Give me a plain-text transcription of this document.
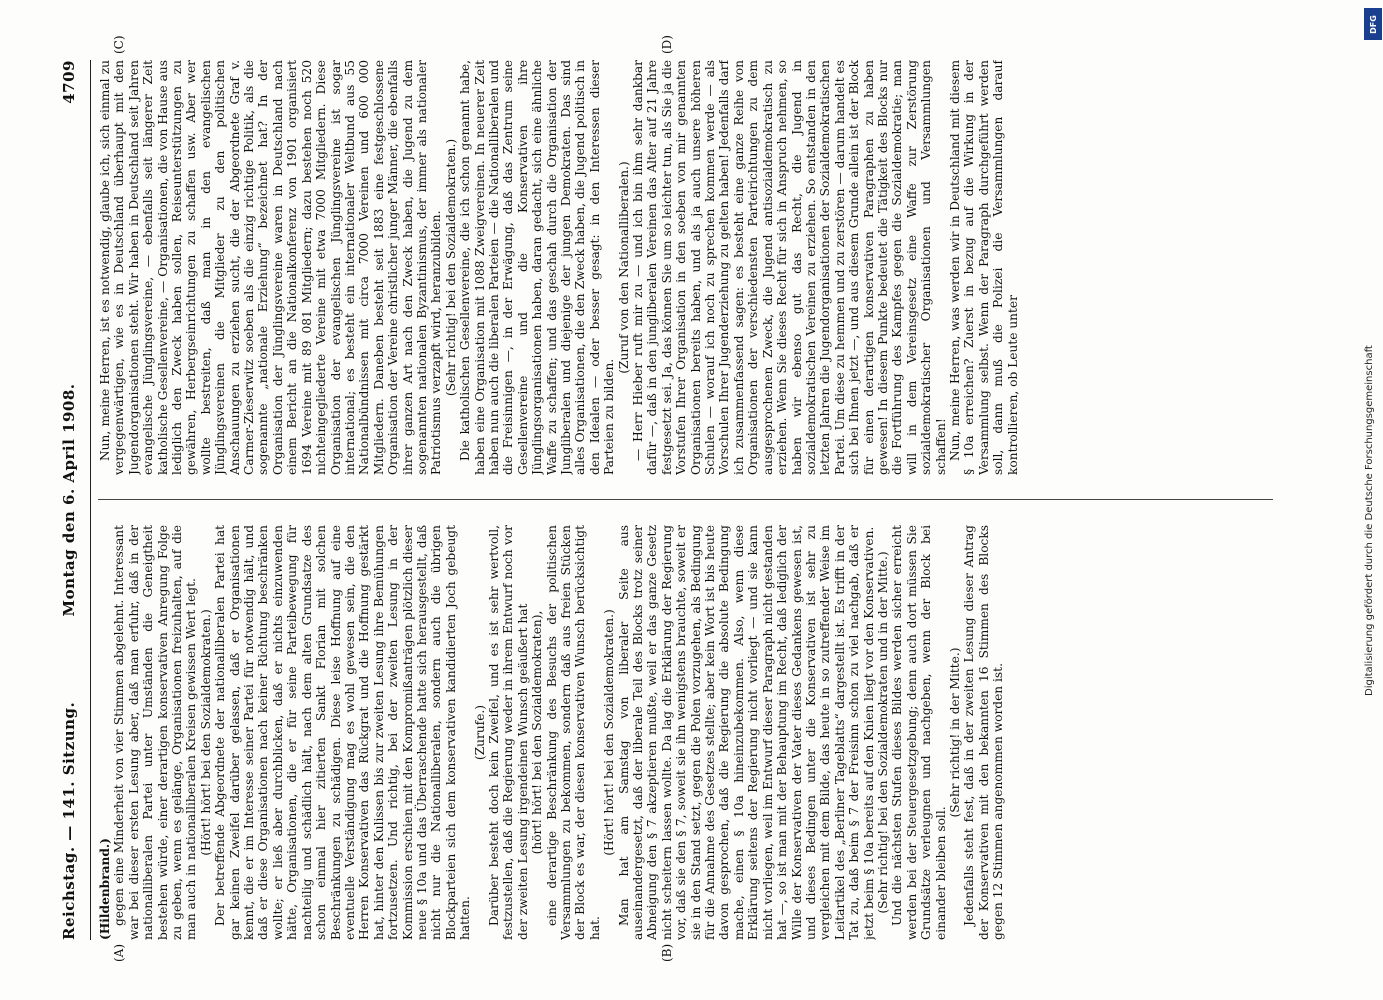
Reichstag. — 141. Sitzung.
Montag den 6. April 1908.
4709
(A)	(B)
(C)	(D)

(Hildenbrand.) gegen eine Minderheit von vier Stimmen abgelehnt. Interessant war bei dieser ersten Lesung aber, daß man erfuhr, daß in der nationalliberalen Partei unter Umständen die Geneigtheit bestehen würde, einer derartigen konservativen Anregung Folge zu geben, wenn es gelänge, Organisationen freizuhalten, auf die man auch in nationalliberalen Kreisen gewissen Wert legt. (Hört! hört! bei den Sozialdemokraten.) Der betreffende Abgeordnete der nationalliberalen Partei hat gar keinen Zweifel darüber gelassen, daß er Organisationen kennt, die er im Interesse seiner Partei für notwendig hält, und daß er diese Organisationen nach keiner Richtung beschränken wollte; er ließ aber durchblicken, daß er nichts einzuwenden hätte, Organisationen, die er für seine Parteibewegung für nachteilig und schädlich hält, nach dem alten Grundsatze des schon einmal hier zitierten Sankt Florian mit solchen Beschränkungen zu schädigen. Diese leise Hoffnung auf eine eventuelle Verständigung mag es wohl gewesen sein, die den Herren Konservativen das Rückgrat und die Hoffnung gestärkt hat, hinter den Kulissen bis zur zweiten Lesung ihre Bemühungen fortzusetzen. Und richtig, bei der zweiten Lesung in der Kommission erschien mit den Kompromißanträgen plötzlich dieser neue § 10a und das Überraschende hatte sich herausgestellt, daß nicht nur die Nationalliberalen, sondern auch die übrigen Blockparteien sich dem konservativen kandidierten Joch gebeugt hatten.

(Zurufe.) Darüber besteht doch kein Zweifel, und es ist sehr wertvoll, festzustellen, daß die Regierung weder in ihrem Entwurf noch vor der zweiten Lesung irgendeinen Wunsch geäußert hat (hört! hört! bei den Sozialdemokraten), eine derartige Beschränkung des Besuchs der politischen Versammlungen zu bekommen, sondern daß aus freien Stücken der Block es war, der diesen konservativen Wunsch berücksichtigt hat.

(Hört! hört! bei den Sozialdemokraten.) Man hat am Samstag von liberaler Seite aus auseinandergesetzt, daß der liberale Teil des Blocks trotz seiner Abneigung den § 7 akzeptieren mußte, weil er das ganze Gesetz nicht scheitern lassen wollte. Da lag die Erklärung der Regierung vor, daß sie den § 7, soweit sie ihn wenigstens brauchte, soweit er sie in den Stand setzt, gegen die Polen vorzugehen, als Bedingung für die Annahme des Gesetzes stellte; aber kein Wort ist bis heute davon gesprochen, daß die Regierung die absolute Bedingung mache, einen § 10a hineinzubekommen. Also, wenn diese Erklärung seitens der Regierung nicht vorliegt — und sie kann nicht vorliegen, weil im Entwurf dieser Paragraph nicht gestanden hat —, so ist man mit der Behauptung im Recht, daß lediglich der Wille der Konservativen der Vater dieses Gedankens gewesen ist, und dieses Bedingen unter die Konservativen ist sehr zu vergleichen mit dem Bilde, das heute in so zutreffender Weise im Leitartikel des „Berliner Tageblatts“ dargestellt ist. Es trifft in der Tat zu, daß beim § 7 der Freisinn schon zu viel nachgab, daß er jetzt beim § 10a bereits auf den Knien liegt vor den Konservativen. (Sehr richtig! bei den Sozialdemokraten und in der Mitte.) Und die nächsten Stufen dieses Bildes werden sicher erreicht werden bei der Steuergesetzgebung; denn auch dort müssen Sie Grundsätze verleugnen und nachgeben, wenn der Block bei einander bleiben soll.

(Sehr richtig! in der Mitte.) Jedenfalls steht fest, daß in der zweiten Lesung dieser Antrag der Konservativen mit den bekannten 16 Stimmen des Blocks gegen 12 Stimmen angenommen worden ist.

Nun, meine Herren, ist es notwendig, glaube ich, sich einmal zu vergegenwärtigen, wie es in Deutschland überhaupt mit den Jugendorganisationen steht. Wir haben in Deutschland seit Jahren evangelische Jünglingsvereine, — ebenfalls seit längerer Zeit katholische Gesellenvereine, — Organisationen, die von Hause aus lediglich den Zweck haben sollen, Reiseunterstützungen zu gewähren, Herbergseinrichtungen zu schaffen usw. Aber wer wollte bestreiten, daß man in den evangelischen Jünglingsvereinen die Mitglieder zu den politischen Anschauungen zu erziehen sucht, die der Abgeordnete Graf v. Carmer-Zieserwitz soeben als die einzig richtige Politik, als die sogenannte „nationale Erziehung“ bezeichnet hat? In der Organisation der Jünglingsvereine waren in Deutschland nach einem Bericht an die Nationalkonferenz von 1901 organisiert 1694 Vereine mit 89 081 Mitgliedern; dazu bestehen noch 520 nichteingegliederte Vereine mit etwa 7000 Mitgliedern. Diese Organisation der evangelischen Jünglingsvereine ist sogar international; es besteht ein internationaler Weltbund aus 55 Nationalbündnissen mit circa 7000 Vereinen und 600 000 Mitgliedern. Daneben besteht seit 1883 eine festgeschlossene Organisation der Vereine christlicher junger Männer, die ebenfalls ihrer ganzen Art nach den Zweck haben, die Jugend zu dem sogenannten nationalen Byzantinismus, der immer als nationaler Patriotismus verzapft wird, heranzubilden. (Sehr richtig! bei den Sozialdemokraten.) Die katholischen Gesellenvereine, die ich schon genannt habe, haben eine Organisation mit 1088 Zweigvereinen. In neuerer Zeit haben nun auch die liberalen Parteien — die Nationalliberalen und die Freisinnigen —, in der Erwägung, daß das Zentrum seine Gesellenvereine und die Konservativen ihre Jünglingsorganisationen haben, daran gedacht, sich eine ähnliche Waffe zu schaffen; und das geschah durch die Organisation der Jungliberalen und diejenige der jungen Demokraten. Das sind alles Organisationen, die den Zweck haben, die Jugend politisch in den Idealen — oder besser gesagt: in den Interessen dieser Parteien zu bilden.

(Zuruf von den Nationalliberalen.) — Herr Hieber ruft mir zu — und ich bin ihm sehr dankbar dafür —, daß in den jungliberalen Vereinen das Alter auf 21 Jahre festgesetzt sei. Ja, das können Sie um so leichter tun, als Sie ja die Vorstufen Ihrer Organisation in den soeben von mir genannten Organisationen bereits haben, und als ja auch unsere höheren Schulen — worauf ich noch zu sprechen kommen werde — als Vorschulen Ihrer Jugenderziehung zu gelten haben! Jedenfalls darf ich zusammenfassend sagen: es besteht eine ganze Reihe von Organisationen der verschiedensten Parteirichtungen zu dem ausgesprochenen Zweck, die Jugend antisozialdemokratisch zu erziehen. Wenn Sie dieses Recht für sich in Anspruch nehmen, so haben wir ebenso gut das Recht, die Jugend in sozialdemokratischen Vereinen zu erziehen. So entstanden in den letzten Jahren die Jugendorganisationen der Sozialdemokratischen Partei. Um diese zu hemmen und zu zerstören — darum handelt es sich bei Ihnen jetzt —, und aus diesem Grunde allein ist der Block für einen derartigen konservativen Paragraphen zu haben gewesen! In diesem Punkte bedeutet die Tätigkeit des Blocks nur die Fortführung des Kampfes gegen die Sozialdemokratie; man will in dem Vereinsgesetz eine Waffe zur Zerstörung sozialdemokratischer Organisationen und Versammlungen schaffen! Nun, meine Herren, was werden wir in Deutschland mit diesem § 10a erreichen? Zuerst in bezug auf die Wirkung in der Versammlung selbst. Wenn der Paragraph durchgeführt werden soll, dann muß die Polizei die Versammlungen darauf kontrollieren, ob Leute unter	Digitalisierung gefördert durch die Deutsche Forschungsgemeinschaft
DFG
